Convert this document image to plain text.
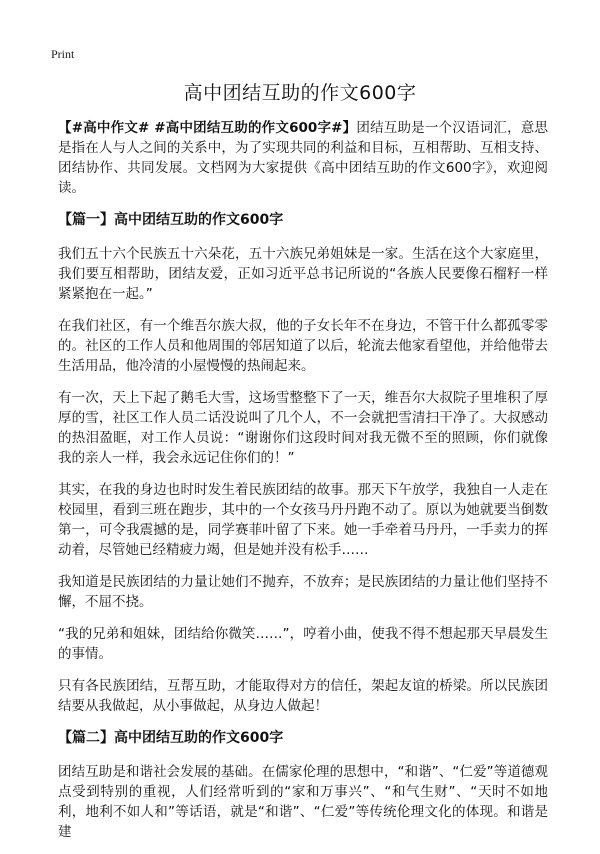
Print
高中团结互助的作文600字

【#高中作文# #高中团结互助的作文600字#】团结互助是一个汉语词汇，意思是指在人与人之间的关系中，为了实现共同的利益和目标，互相帮助、互相支持、团结协作、共同发展。文档网为大家提供《高中团结互助的作文600字》，欢迎阅读。

【篇一】高中团结互助的作文600字

我们五十六个民族五十六朵花，五十六族兄弟姐妹是一家。生活在这个大家庭里，我们要互相帮助，团结友爱，正如习近平总书记所说的“各族人民要像石榴籽一样紧紧抱在一起。”

在我们社区，有一个维吾尔族大叔，他的子女长年不在身边，不管干什么都孤零零的。社区的工作人员和他周围的邻居知道了以后，轮流去他家看望他，并给他带去生活用品，他冷清的小屋慢慢的热闹起来。

有一次，天上下起了鹅毛大雪，这场雪整整下了一天，维吾尔大叔院子里堆积了厚厚的雪，社区工作人员二话没说叫了几个人，不一会就把雪清扫干净了。大叔感动的热泪盈眶，对工作人员说：“谢谢你们这段时间对我无微不至的照顾，你们就像我的亲人一样，我会永远记住你们的！”

其实，在我的身边也时时发生着民族团结的故事。那天下午放学，我独自一人走在校园里，看到三班在跑步，其中的一个女孩马丹丹跑不动了。原以为她就要当倒数第一，可令我震撼的是，同学赛菲叶留了下来。她一手牵着马丹丹，一手卖力的挥动着，尽管她已经精疲力竭，但是她并没有松手……

我知道是民族团结的力量让她们不抛弃，不放弃；是民族团结的力量让他们坚持不懈，不屈不挠。

“我的兄弟和姐妹，团结给你微笑……”，哼着小曲，使我不得不想起那天早晨发生的事情。

只有各民族团结，互帮互助，才能取得对方的信任，架起友谊的桥梁。所以民族团结要从我做起，从小事做起，从身边人做起！

【篇二】高中团结互助的作文600字

团结互助是和谐社会发展的基础。在儒家伦理的思想中，“和谐”、“仁爱”等道德观点受到特别的重视，人们经常听到的“家和万事兴”、“和气生财”、“天时不如地利，地利不如人和”等话语，就是“和谐”、“仁爱”等传统伦理文化的体现。和谐是建
